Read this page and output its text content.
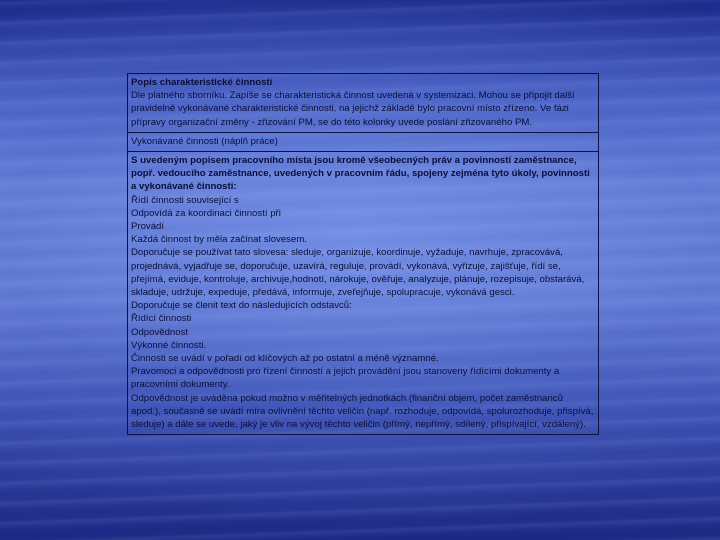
Popis charakteristické činnosti
Dle platného sborníku. Zapíše se charakteristická činnost uvedená v systemizaci. Mohou se připojit další pravidelně vykonávané charakteristické činnosti, na jejichž základě bylo pracovní místo zřízeno. Ve fázi přípravy organizační změny - zřizování PM, se do této kolonky uvede poslání zřizovaného PM.
Vykonávané činnosti (náplň práce)
S uvedeným popisem pracovního místa jsou kromě všeobecných práv a povinností zaměstnance, popř. vedoucího zaměstnance, uvedených v pracovním řádu, spojeny zejména tyto úkoly, povinnosti a vykonávané činnosti:
Řídí činnosti související s
Odpovídá za koordinaci činností při
Provádí
Každá činnost by měla začínat slovesem.
Doporučuje se používat tato slovesa: sleduje, organizuje, koordinuje, vyžaduje, navrhuje, zpracovává, projednává, vyjadřuje se, doporučuje, uzavírá, reguluje, provádí, vykonává, vyřizuje, zajišťuje, řídí se, přejímá, eviduje, kontroluje, archivuje,hodnotí, nárokuje, ověřuje, analyzuje, plánuje, rozepisuje, obstarává, skladuje, udržuje, expeduje, předává, informuje, zveřejňuje, spolupracuje, vykonává gesci.
Doporučuje se členit text do následujících odstavců:
Řídící činnosti
Odpovědnost
Výkonné činnosti.
Činnosti se uvádí v pořadí od klíčových až po ostatní a méně významné.
Pravomoci a odpovědnosti pro řízení činností a jejich provádění jsou stanoveny řídícími dokumenty a pracovními dokumenty.
Odpovědnost je uváděna pokud možno v měřitelných jednotkách (finanční objem, počet zaměstnanců apod.), současně se uvádí míra ovlivnění těchto veličin (např. rozhoduje, odpovídá, spolurozhoduje, přispívá, sleduje) a dále se uvede, jaký je vliv na vývoj těchto veličin (přímý, nepřímý, sdílený, přispívající, vzdálený).
